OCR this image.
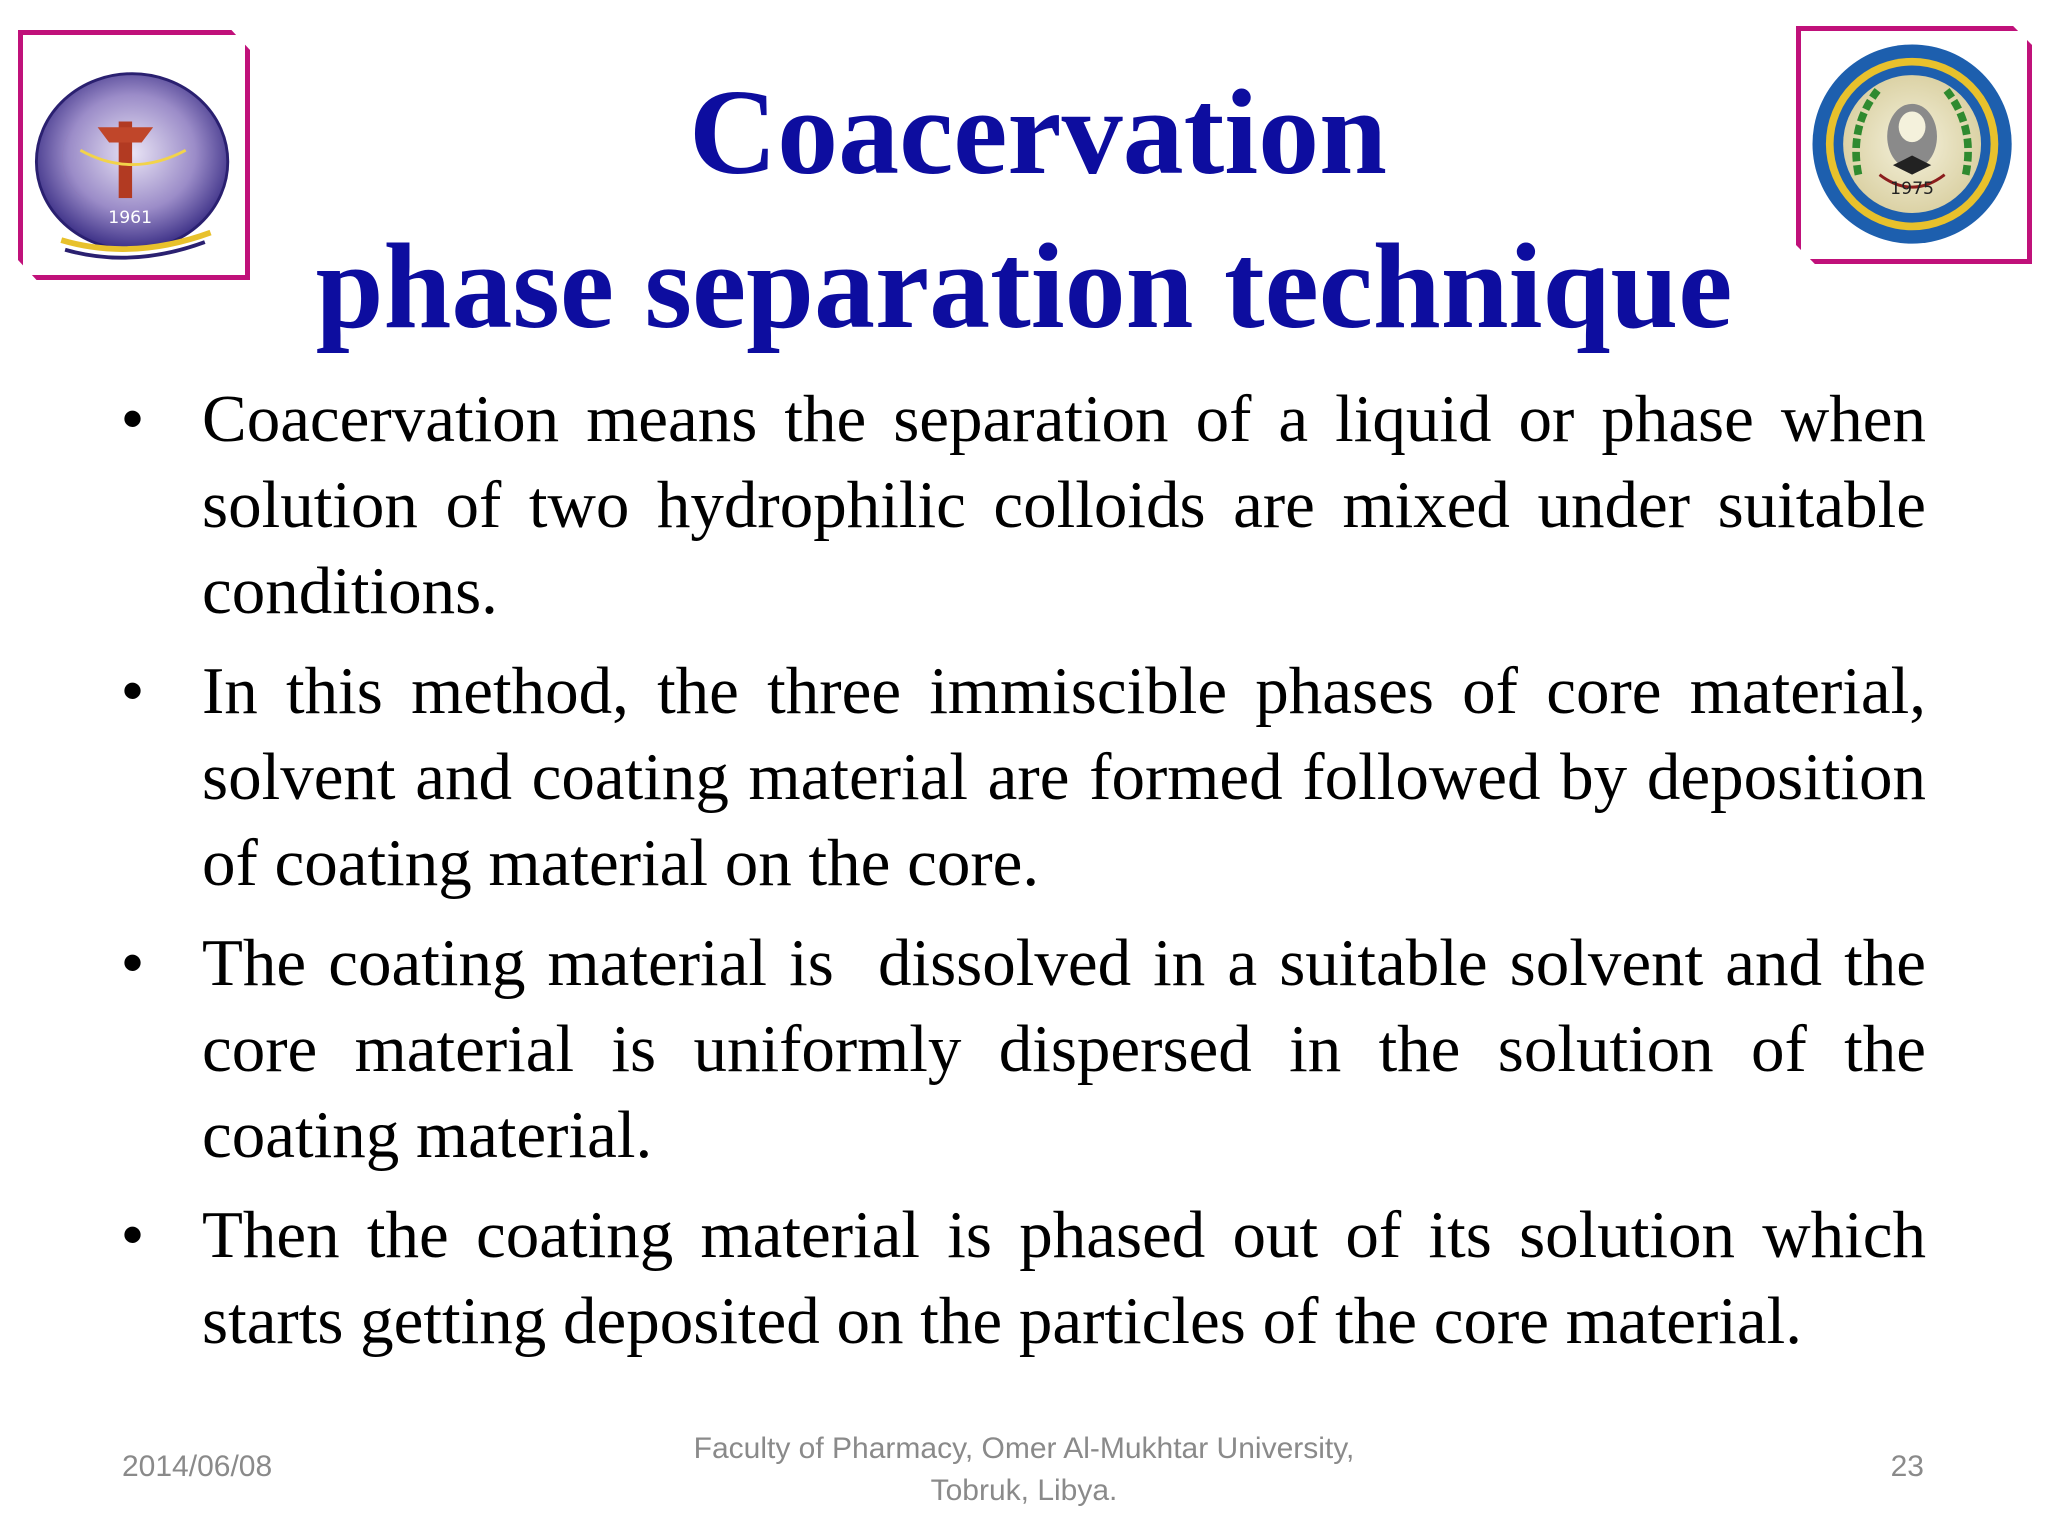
1961
1975
Coacervation
phase separation technique
• Coacervation means the separation of a liquid or phase when solution of two hydrophilic colloids are mixed under suitable conditions.
• In this method, the three immiscible phases of core material, solvent and coating material are formed followed by deposition of coating material on the core.
• The coating material is  dissolved in a suitable solvent and the core material is uniformly dispersed in the solution of the coating material.
• Then the coating material is phased out of its solution which starts getting deposited on the particles of the core material.
2014/06/08
Faculty of Pharmacy, Omer Al-Mukhtar University,
Tobruk, Libya.
23
